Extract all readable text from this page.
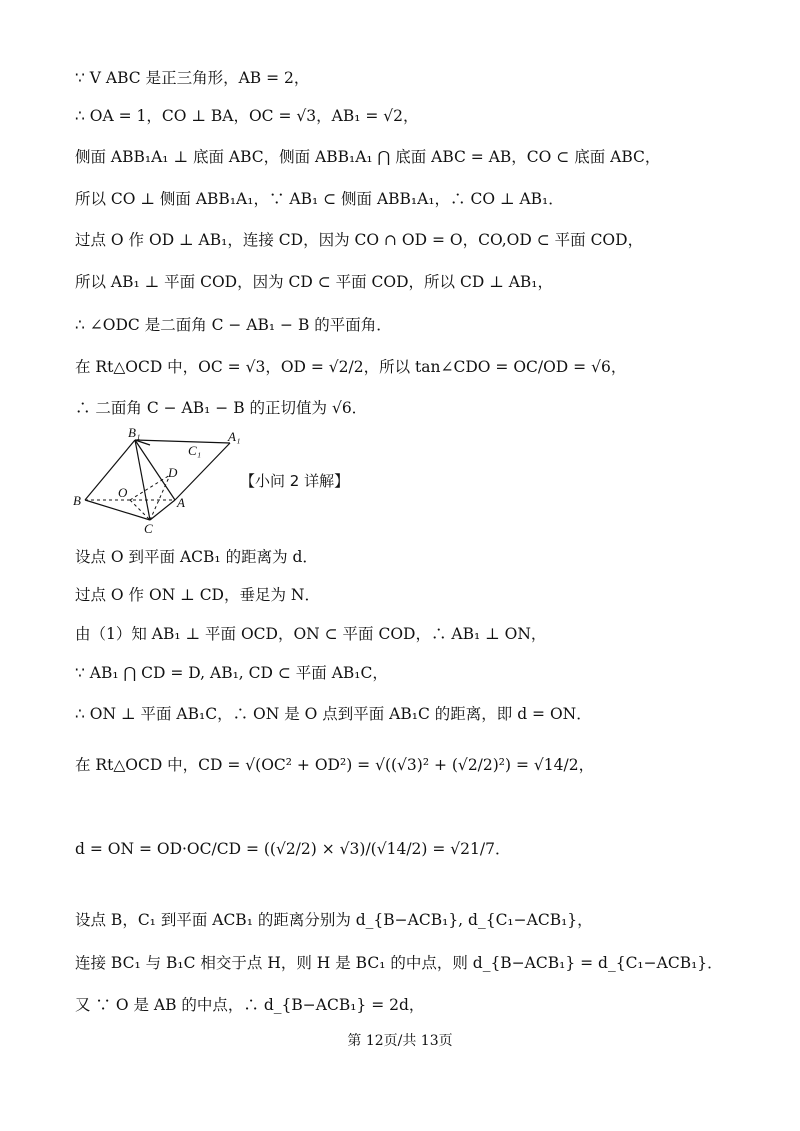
∵ V ABC 是正三角形，AB = 2，
∴ OA = 1，CO ⊥ BA，OC = √3，AB₁ = √2，
侧面 ABB₁A₁ ⊥ 底面 ABC，侧面 ABB₁A₁ ⋂ 底面 ABC = AB，CO ⊂ 底面 ABC，
所以 CO ⊥ 侧面 ABB₁A₁，∵ AB₁ ⊂ 侧面 ABB₁A₁，∴ CO ⊥ AB₁．
过点 O 作 OD ⊥ AB₁，连接 CD，因为 CO ∩ OD = O，CO,OD ⊂ 平面 COD，
所以 AB₁ ⊥ 平面 COD，因为 CD ⊂ 平面 COD，所以 CD ⊥ AB₁，
∴ ∠ODC 是二面角 C − AB₁ − B 的平面角．
在 Rt△OCD 中，OC = √3，OD = √2/2，所以 tan∠CDO = OC/OD = √6，
∴ 二面角 C − AB₁ − B 的正切值为 √6．
B₁	A₁
C₁
D
O
B	A
C
【小问 2 详解】
设点 O 到平面 ACB₁ 的距离为 d．
过点 O 作 ON ⊥ CD，垂足为 N．
由（1）知 AB₁ ⊥ 平面 OCD，ON ⊂ 平面 COD，∴ AB₁ ⊥ ON，
∵ AB₁ ⋂ CD = D, AB₁, CD ⊂ 平面 AB₁C，
∴ ON ⊥ 平面 AB₁C，∴ ON 是 O 点到平面 AB₁C 的距离，即 d = ON．
在 Rt△OCD 中，CD = √(OC² + OD²) = √((√3)² + (√2/2)²) = √14/2，
d = ON = OD·OC/CD = ((√2/2) × √3)/(√14/2) = √21/7．
设点 B，C₁ 到平面 ACB₁ 的距离分别为 d_{B−ACB₁}, d_{C₁−ACB₁}，
连接 BC₁ 与 B₁C 相交于点 H，则 H 是 BC₁ 的中点，则 d_{B−ACB₁} = d_{C₁−ACB₁}．
又 ∵ O 是 AB 的中点，∴ d_{B−ACB₁} = 2d，
第 12页/共 13页
